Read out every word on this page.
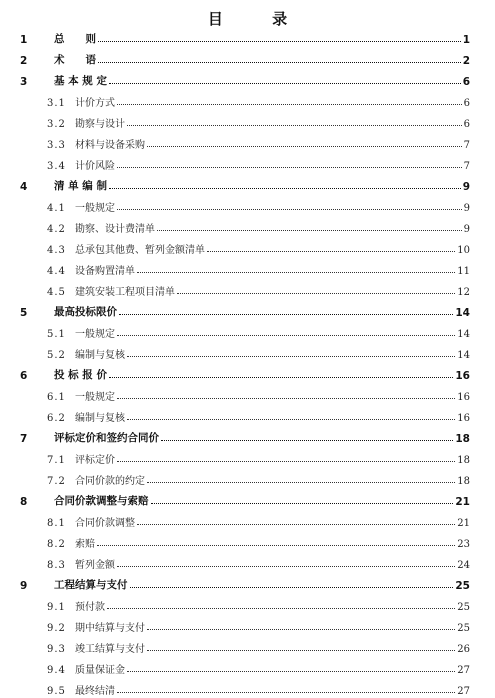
目 录
1	总　　则	1
2	术　　语	2
3	基 本 规 定	6
3.1 计价方式	6
3.2 勘察与设计	6
3.3 材料与设备采购	7
3.4 计价风险	7
4	清 单 编 制	9
4.1 一般规定	9
4.2 勘察、设计费清单	9
4.3 总承包其他费、暂列金额清单	10
4.4 设备购置清单	11
4.5 建筑安装工程项目清单	12
5	最高投标限价	14
5.1 一般规定	14
5.2 编制与复核	14
6	投 标 报 价	16
6.1 一般规定	16
6.2 编制与复核	16
7	评标定价和签约合同价	18
7.1 评标定价	18
7.2 合同价款的约定	18
8	合同价款调整与索赔	21
8.1 合同价款调整	21
8.2 索赔	23
8.3 暂列金额	24
9	工程结算与支付	25
9.1 预付款	25
9.2 期中结算与支付	25
9.3 竣工结算与支付	26
9.4 质量保证金	27
9.5 最终结清	27
